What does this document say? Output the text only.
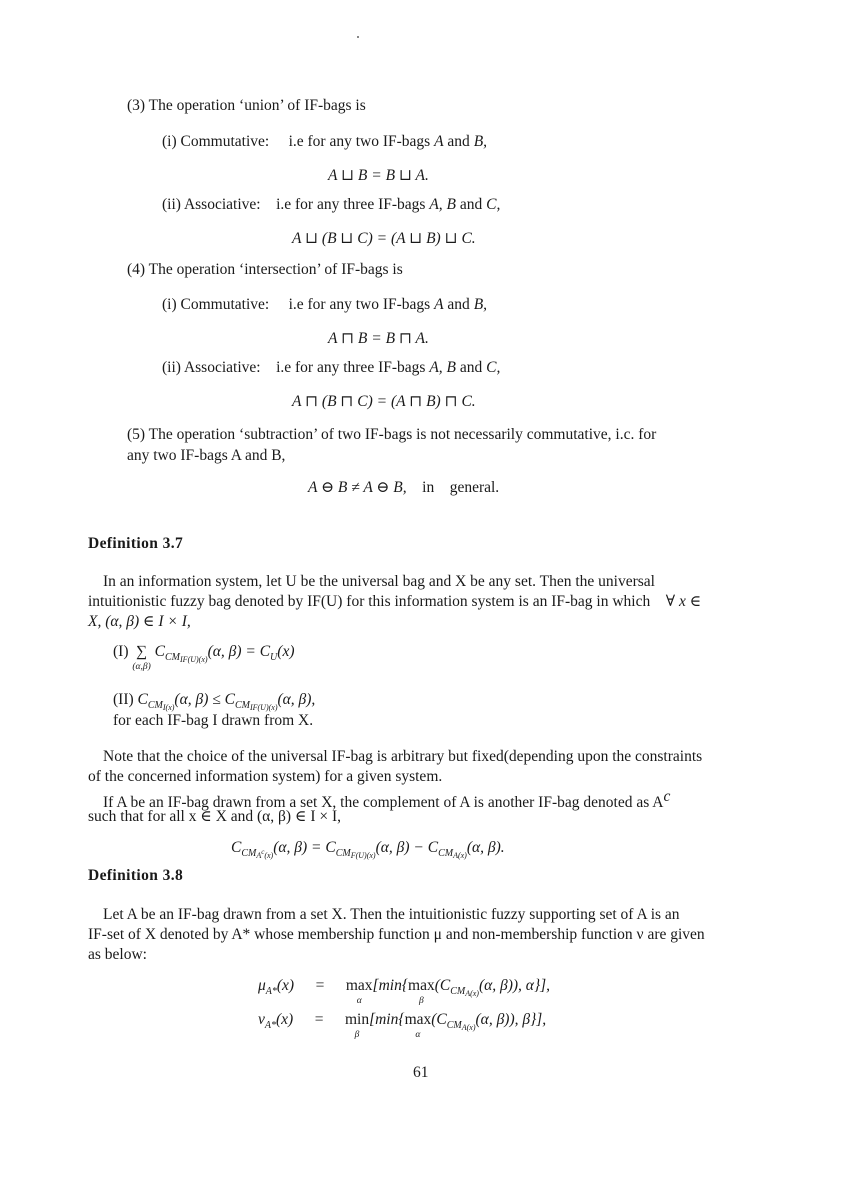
(3) The operation ‘union’ of IF-bags is
(i) Commutative: i.e for any two IF-bags A and B,
A ⊔ B = B ⊔ A.
(ii) Associative: i.e for any three IF-bags A, B and C,
A ⊔ (B ⊔ C) = (A ⊔ B) ⊔ C.
(4) The operation ‘intersection’ of IF-bags is
(i) Commutative: i.e for any two IF-bags A and B,
A ⊓ B = B ⊓ A.
(ii) Associative: i.e for any three IF-bags A, B and C,
A ⊓ (B ⊓ C) = (A ⊓ B) ⊓ C.
(5) The operation ‘subtraction’ of two IF-bags is not necessarily commutative, i.c. for
any two IF-bags A and B,
A ⊖ B ≠ A ⊖ B, in general.
Definition 3.7
In an information system, let U be the universal bag and X be any set. Then the universal
intuitionistic fuzzy bag denoted by IF(U) for this information system is an IF-bag in which ∀ x ∈
X, (α, β) ∈ I × I,
(I) ∑
(α,β)
$C_{CM_{IF(U)(x)}}(\alpha$, $\beta) = C_U(x)$
(II) $C_{CM_{I(x)}}(\alpha$, $\beta) \le C_{CM_{IF(U)(x)}}(\alpha$, β),
for each IF-bag I drawn from X.
Note that the choice of the universal IF-bag is arbitrary but fixed(depending upon the constraints
of the concerned information system) for a given system.
If A be an IF-bag drawn from a set X, the complement of A is another IF-bag denoted as $A^c$
such that for all x ∈ X and (α, β) ∈ I × I,
$C_{CM_{A^c(x)}}(\alpha$, $\beta) = C_{CM_{F(U)(x)}}(\alpha$, $\beta) - C_{CM_{A(x)}}(\alpha$, β).
Definition 3.8
Let A be an IF-bag drawn from a set X. Then the intuitionistic fuzzy supporting set of A is an
IF-set of X denoted by A* whose membership function μ and non-membership function ν are given
as below:
$\mu_{A*}(x) = \max$
α
[min{ max
β
($C_{CM_{A(x)}}(\alpha$, β)), α}],
$\nu_{A*}(x) = \min$
β
[min{ max
α
($C_{CM_{A(x)}}(\alpha$, β)), β}],
61
